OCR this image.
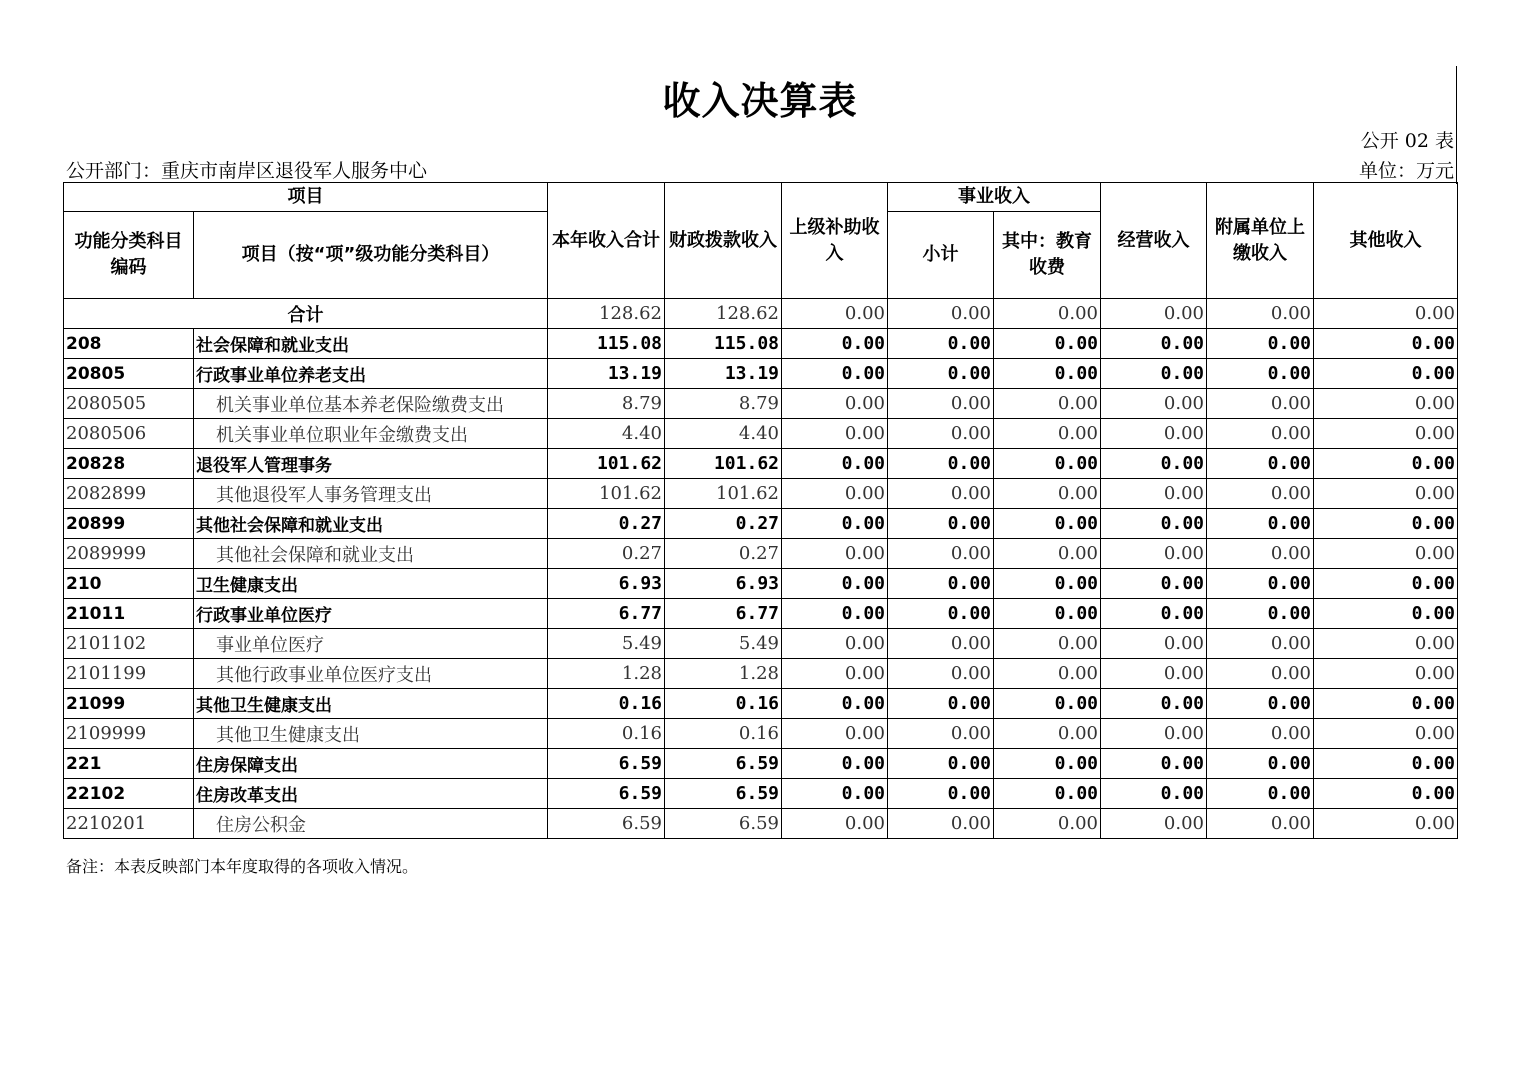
收入决算表
公开 02 表
公开部门：重庆市南岸区退役军人服务中心	单位：万元
项目		本年收入合计	财政拨款收入	上级补助收入	事业收入		经营收入	附属单位上缴收入	其他收入
功能分类科目编码	项目（按“项”级功能分类科目）				小计	其中：教育收费			
合计		128.62	128.62	0.00	0.00	0.00	0.00	0.00	0.00
208	社会保障和就业支出	115.08	115.08	0.00	0.00	0.00	0.00	0.00	0.00
20805	行政事业单位养老支出	13.19	13.19	0.00	0.00	0.00	0.00	0.00	0.00
2080505	机关事业单位基本养老保险缴费支出	8.79	8.79	0.00	0.00	0.00	0.00	0.00	0.00
2080506	机关事业单位职业年金缴费支出	4.40	4.40	0.00	0.00	0.00	0.00	0.00	0.00
20828	退役军人管理事务	101.62	101.62	0.00	0.00	0.00	0.00	0.00	0.00
2082899	其他退役军人事务管理支出	101.62	101.62	0.00	0.00	0.00	0.00	0.00	0.00
20899	其他社会保障和就业支出	0.27	0.27	0.00	0.00	0.00	0.00	0.00	0.00
2089999	其他社会保障和就业支出	0.27	0.27	0.00	0.00	0.00	0.00	0.00	0.00
210	卫生健康支出	6.93	6.93	0.00	0.00	0.00	0.00	0.00	0.00
21011	行政事业单位医疗	6.77	6.77	0.00	0.00	0.00	0.00	0.00	0.00
2101102	事业单位医疗	5.49	5.49	0.00	0.00	0.00	0.00	0.00	0.00
2101199	其他行政事业单位医疗支出	1.28	1.28	0.00	0.00	0.00	0.00	0.00	0.00
21099	其他卫生健康支出	0.16	0.16	0.00	0.00	0.00	0.00	0.00	0.00
2109999	其他卫生健康支出	0.16	0.16	0.00	0.00	0.00	0.00	0.00	0.00
221	住房保障支出	6.59	6.59	0.00	0.00	0.00	0.00	0.00	0.00
22102	住房改革支出	6.59	6.59	0.00	0.00	0.00	0.00	0.00	0.00
2210201	住房公积金	6.59	6.59	0.00	0.00	0.00	0.00	0.00	0.00
备注：本表反映部门本年度取得的各项收入情况。
